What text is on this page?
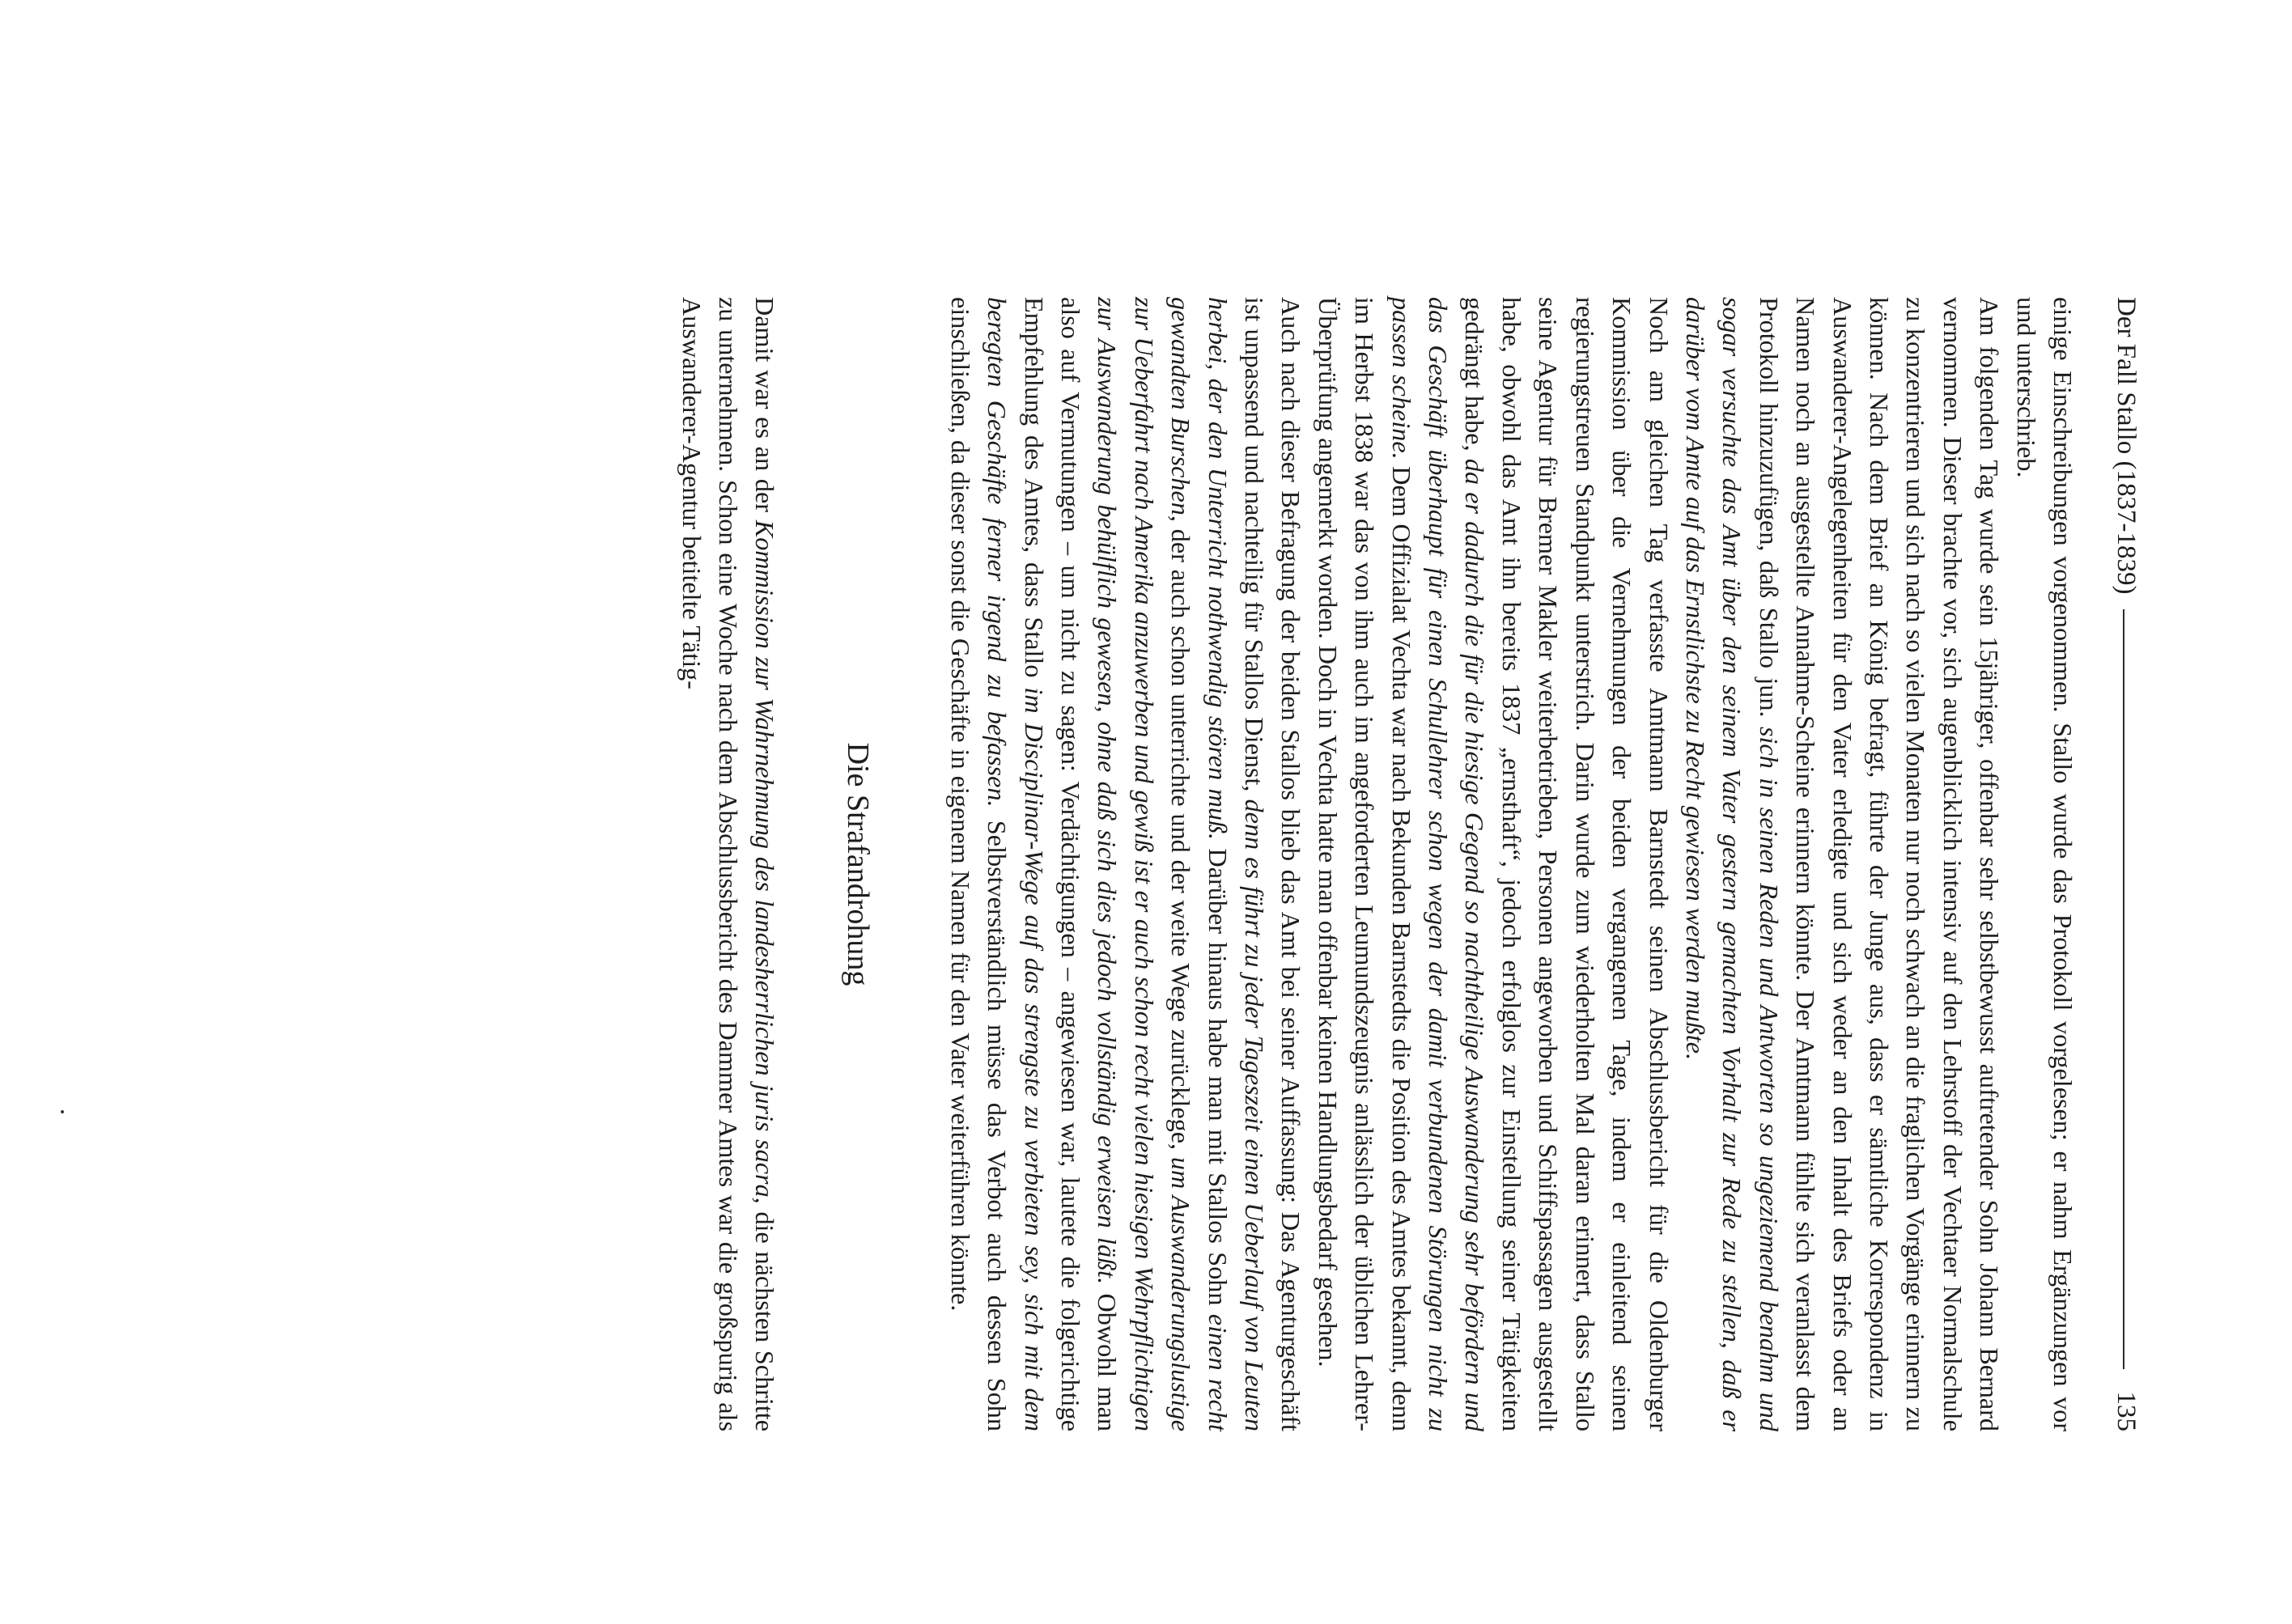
Der Fall Stallo (1837-1839)
135

einige Einschreibungen vorgenommen. Stallo wurde das Protokoll vorgelesen; er nahm Ergänzungen vor und unterschrieb.

Am folgenden Tag wurde sein 15jähriger, offenbar sehr selbstbewusst auftretender Sohn Johann Bernard vernommen. Dieser brachte vor, sich augenblicklich intensiv auf den Lehrstoff der Vechtaer Normalschule zu konzentrieren und sich nach so vielen Monaten nur noch schwach an die fraglichen Vorgänge erinnern zu können. Nach dem Brief an König befragt, führte der Junge aus, dass er sämtliche Korrespondenz in Auswanderer-Angelegenheiten für den Vater erledigte und sich weder an den Inhalt des Briefs oder an Namen noch an ausgestellte Annahme-Scheine erinnern könnte. Der Amtmann fühlte sich veranlasst dem Protokoll hinzuzufügen, daß Stallo jun. sich in seinen Reden und Antworten so ungeziemend benahm und sogar versuchte das Amt über den seinem Vater gestern gemachten Vorhalt zur Rede zu stellen, daß er darüber vom Amte auf das Ernstlichste zu Recht gewiesen werden mußte.

Noch am gleichen Tag verfasste Amtmann Barnstedt seinen Abschlussbericht für die Oldenburger Kommission über die Vernehmungen der beiden vergangenen Tage, indem er einleitend seinen regierungstreuen Standpunkt unterstrich. Darin wurde zum wiederholten Mal daran erinnert, dass Stallo seine Agentur für Bremer Makler weiterbetrieben, Personen angeworben und Schiffspassagen ausgestellt habe, obwohl das Amt ihn bereits 1837 „ernsthaft“, jedoch erfolglos zur Einstellung seiner Tätigkeiten gedrängt habe, da er dadurch die für die hiesige Gegend so nachtheilige Auswanderung sehr befördern und das Geschäft überhaupt für einen Schullehrer schon wegen der damit verbundenen Störungen nicht zu passen scheine. Dem Offizialat Vechta war nach Bekunden Barnstedts die Position des Amtes bekannt, denn im Herbst 1838 war das von ihm auch im angeforderten Leumundszeugnis anlässlich der üblichen Lehrer-Überprüfung angemerkt worden. Doch in Vechta hatte man offenbar keinen Handlungsbedarf gesehen.

Auch nach dieser Befragung der beiden Stallos blieb das Amt bei seiner Auffassung: Das Agenturgeschäft ist unpassend und nachteilig für Stallos Dienst, denn es führt zu jeder Tageszeit einen Ueberlauf von Leuten herbei, der den Unterricht nothwendig stören muß. Darüber hinaus habe man mit Stallos Sohn einen recht gewandten Burschen, der auch schon unterrichte und der weite Wege zurücklege, um Auswanderungslustige zur Ueberfahrt nach Amerika anzuwerben und gewiß ist er auch schon recht vielen hiesigen Wehrpflichtigen zur Auswanderung behülflich gewesen, ohne daß sich dies jedoch vollständig erweisen läßt. Obwohl man also auf Vermutungen – um nicht zu sagen: Verdächtigungen – angewiesen war, lautete die folgerichtige Empfehlung des Amtes, dass Stallo im Disciplinar-Wege auf das strengste zu verbieten sey, sich mit dem beregten Geschäfte ferner irgend zu befassen. Selbstverständlich müsse das Verbot auch dessen Sohn einschließen, da dieser sonst die Geschäfte in eigenem Namen für den Vater weiterführen könnte.

Die Strafandrohung

Damit war es an der Kommission zur Wahrnehmung des landesherrlichen juris sacra, die nächsten Schritte zu unternehmen. Schon eine Woche nach dem Abschlussbericht des Dammer Amtes war die großspurig als Auswanderer-Agentur betitelte Tätig-
